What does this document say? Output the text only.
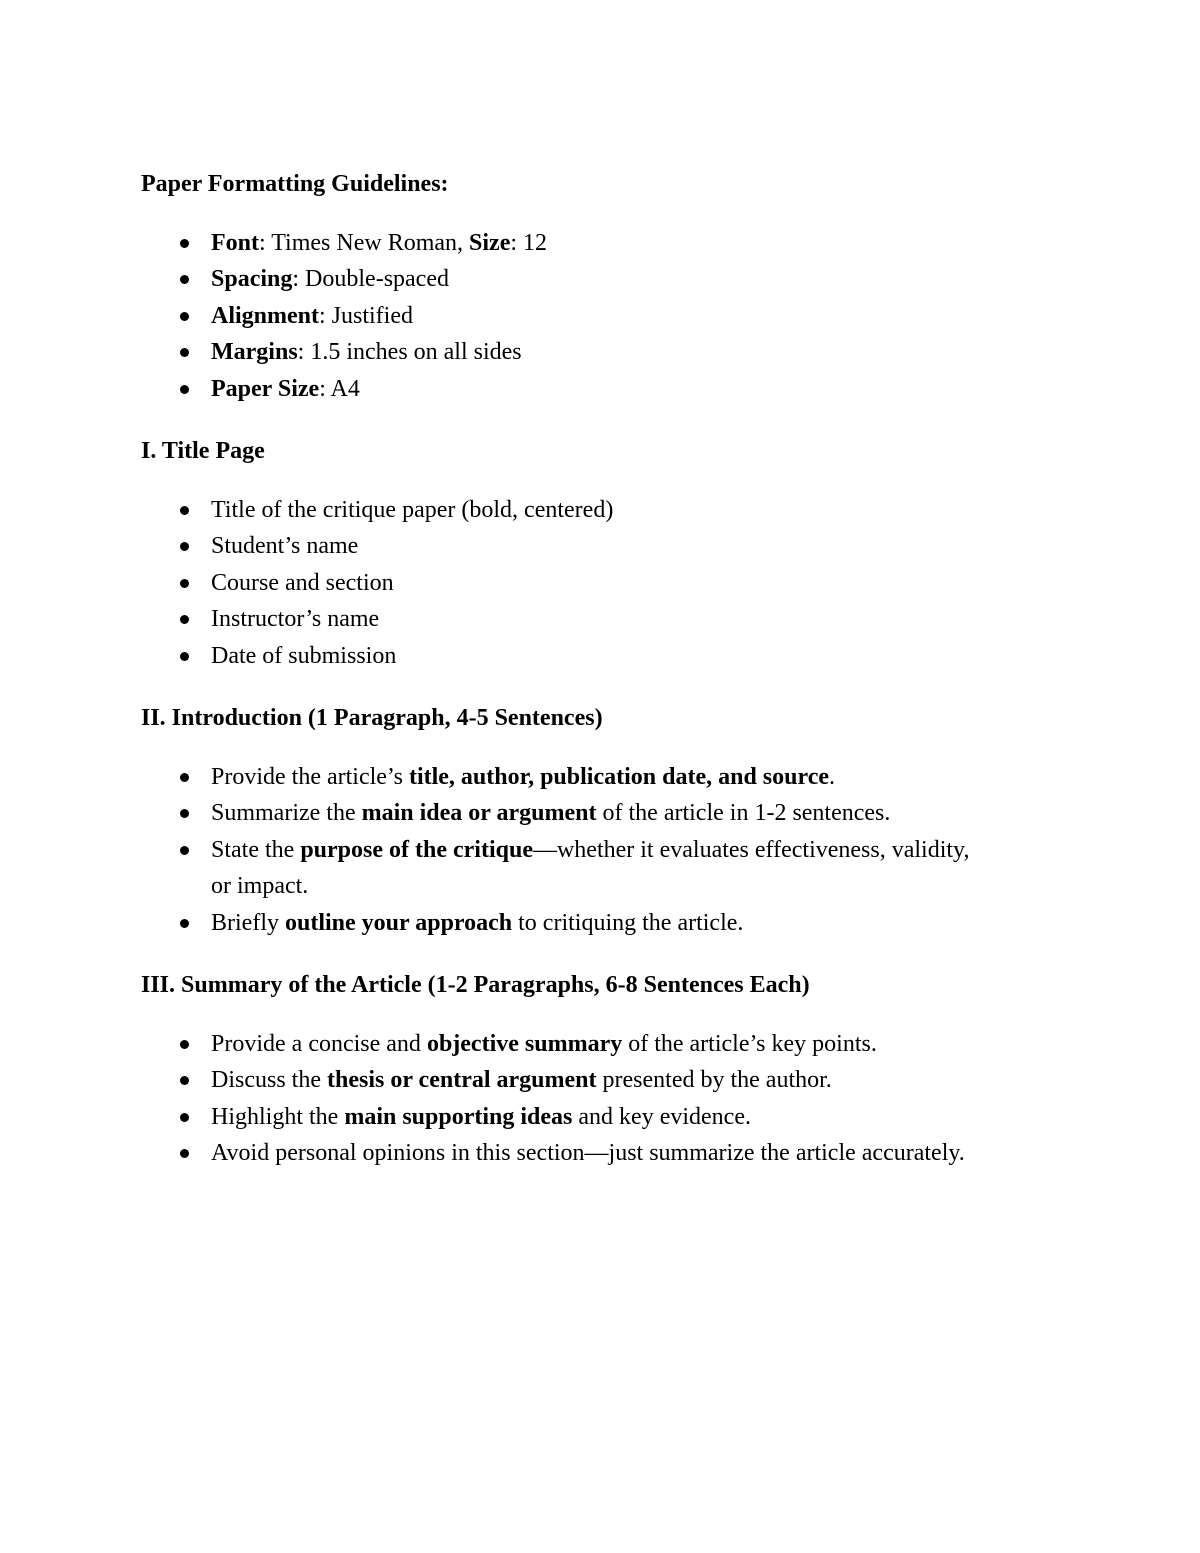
Paper Formatting Guidelines:

Font: Times New Roman, Size: 12
Spacing: Double-spaced
Alignment: Justified
Margins: 1.5 inches on all sides
Paper Size: A4

I. Title Page

Title of the critique paper (bold, centered)
Student’s name
Course and section
Instructor’s name
Date of submission

II. Introduction (1 Paragraph, 4-5 Sentences)

Provide the article’s title, author, publication date, and source.
Summarize the main idea or argument of the article in 1-2 sentences.
State the purpose of the critique—whether it evaluates effectiveness, validity, or impact.
Briefly outline your approach to critiquing the article.

III. Summary of the Article (1-2 Paragraphs, 6-8 Sentences Each)

Provide a concise and objective summary of the article’s key points.
Discuss the thesis or central argument presented by the author.
Highlight the main supporting ideas and key evidence.
Avoid personal opinions in this section—just summarize the article accurately.
